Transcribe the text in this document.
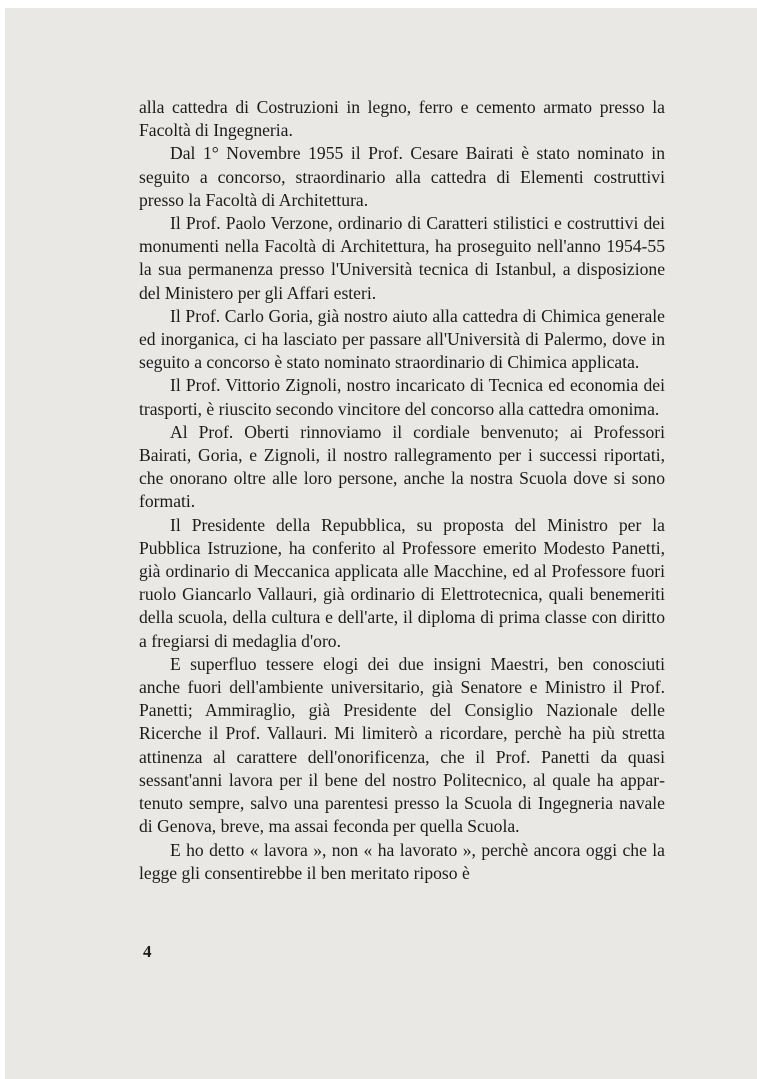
alla cattedra di Costruzioni in legno, ferro e cemento armato presso la Facoltà di Ingegneria.

Dal 1° Novembre 1955 il Prof. Cesare Bairati è stato nominato in seguito a concorso, straordinario alla cattedra di Elementi costruttivi presso la Facoltà di Architettura.

Il Prof. Paolo Verzone, ordinario di Caratteri stilistici e costruttivi dei monumenti nella Facoltà di Architettura, ha proseguito nell'anno 1954-55 la sua permanenza presso l'Università tecnica di Istanbul, a disposizione del Ministero per gli Affari esteri.

Il Prof. Carlo Goria, già nostro aiuto alla cattedra di Chimica generale ed inorganica, ci ha lasciato per passare all'Università di Palermo, dove in seguito a concorso è stato nominato straordinario di Chimica applicata.

Il Prof. Vittorio Zignoli, nostro incaricato di Tecnica ed economia dei trasporti, è riuscito secondo vincitore del concorso alla cattedra omonima.

Al Prof. Oberti rinnoviamo il cordiale benvenuto; ai Professori Bairati, Goria, e Zignoli, il nostro rallegramento per i successi riportati, che onorano oltre alle loro persone, anche la nostra Scuola dove si sono formati.

Il Presidente della Repubblica, su proposta del Ministro per la Pubblica Istruzione, ha conferito al Professore emerito Modesto Panetti, già ordinario di Meccanica applicata alle Macchine, ed al Professore fuori ruolo Giancarlo Vallauri, già ordinario di Elettrotecnica, quali benemeriti della scuola, della cultura e dell'arte, il diploma di prima classe con diritto a fregiarsi di medaglia d'oro.

E superfluo tessere elogi dei due insigni Maestri, ben conosciuti anche fuori dell'ambiente universitario, già Senatore e Ministro il Prof. Panetti; Ammiraglio, già Presidente del Consiglio Nazionale delle Ricerche il Prof. Vallauri. Mi limiterò a ricordare, perchè ha più stretta attinenza al carattere dell'onorificenza, che il Prof. Panetti da quasi sessant'anni lavora per il bene del nostro Politecnico, al quale ha appartenuto sempre, salvo una parentesi presso la Scuola di Ingegneria navale di Genova, breve, ma assai feconda per quella Scuola.

E ho detto « lavora », non « ha lavorato », perchè ancora oggi che la legge gli consentirebbe il ben meritato riposo è

4
